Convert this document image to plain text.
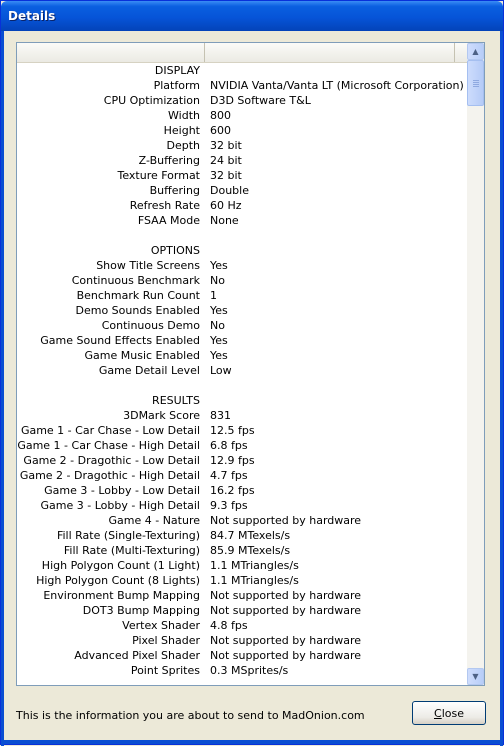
Details
DISPLAY
Platform NVIDIA Vanta/Vanta LT (Microsoft Corporation)
CPU Optimization D3D Software T&L
Width 800
Height 600
Depth 32 bit
Z-Buffering 24 bit
Texture Format 32 bit
Buffering Double
Refresh Rate 60 Hz
FSAA Mode None
OPTIONS
Show Title Screens Yes
Continuous Benchmark No
Benchmark Run Count 1
Demo Sounds Enabled Yes
Continuous Demo No
Game Sound Effects Enabled Yes
Game Music Enabled Yes
Game Detail Level Low
RESULTS
3DMark Score 831
Game 1 - Car Chase - Low Detail 12.5 fps
Game 1 - Car Chase - High Detail 6.8 fps
Game 2 - Dragothic - Low Detail 12.9 fps
Game 2 - Dragothic - High Detail 4.7 fps
Game 3 - Lobby - Low Detail 16.2 fps
Game 3 - Lobby - High Detail 9.3 fps
Game 4 - Nature Not supported by hardware
Fill Rate (Single-Texturing) 84.7 MTexels/s
Fill Rate (Multi-Texturing) 85.9 MTexels/s
High Polygon Count (1 Light) 1.1 MTriangles/s
High Polygon Count (8 Lights) 1.1 MTriangles/s
Environment Bump Mapping Not supported by hardware
DOT3 Bump Mapping Not supported by hardware
Vertex Shader 4.8 fps
Pixel Shader Not supported by hardware
Advanced Pixel Shader Not supported by hardware
Point Sprites 0.3 MSprites/s
▲
▼
This is the information you are about to send to MadOnion.com	Close
